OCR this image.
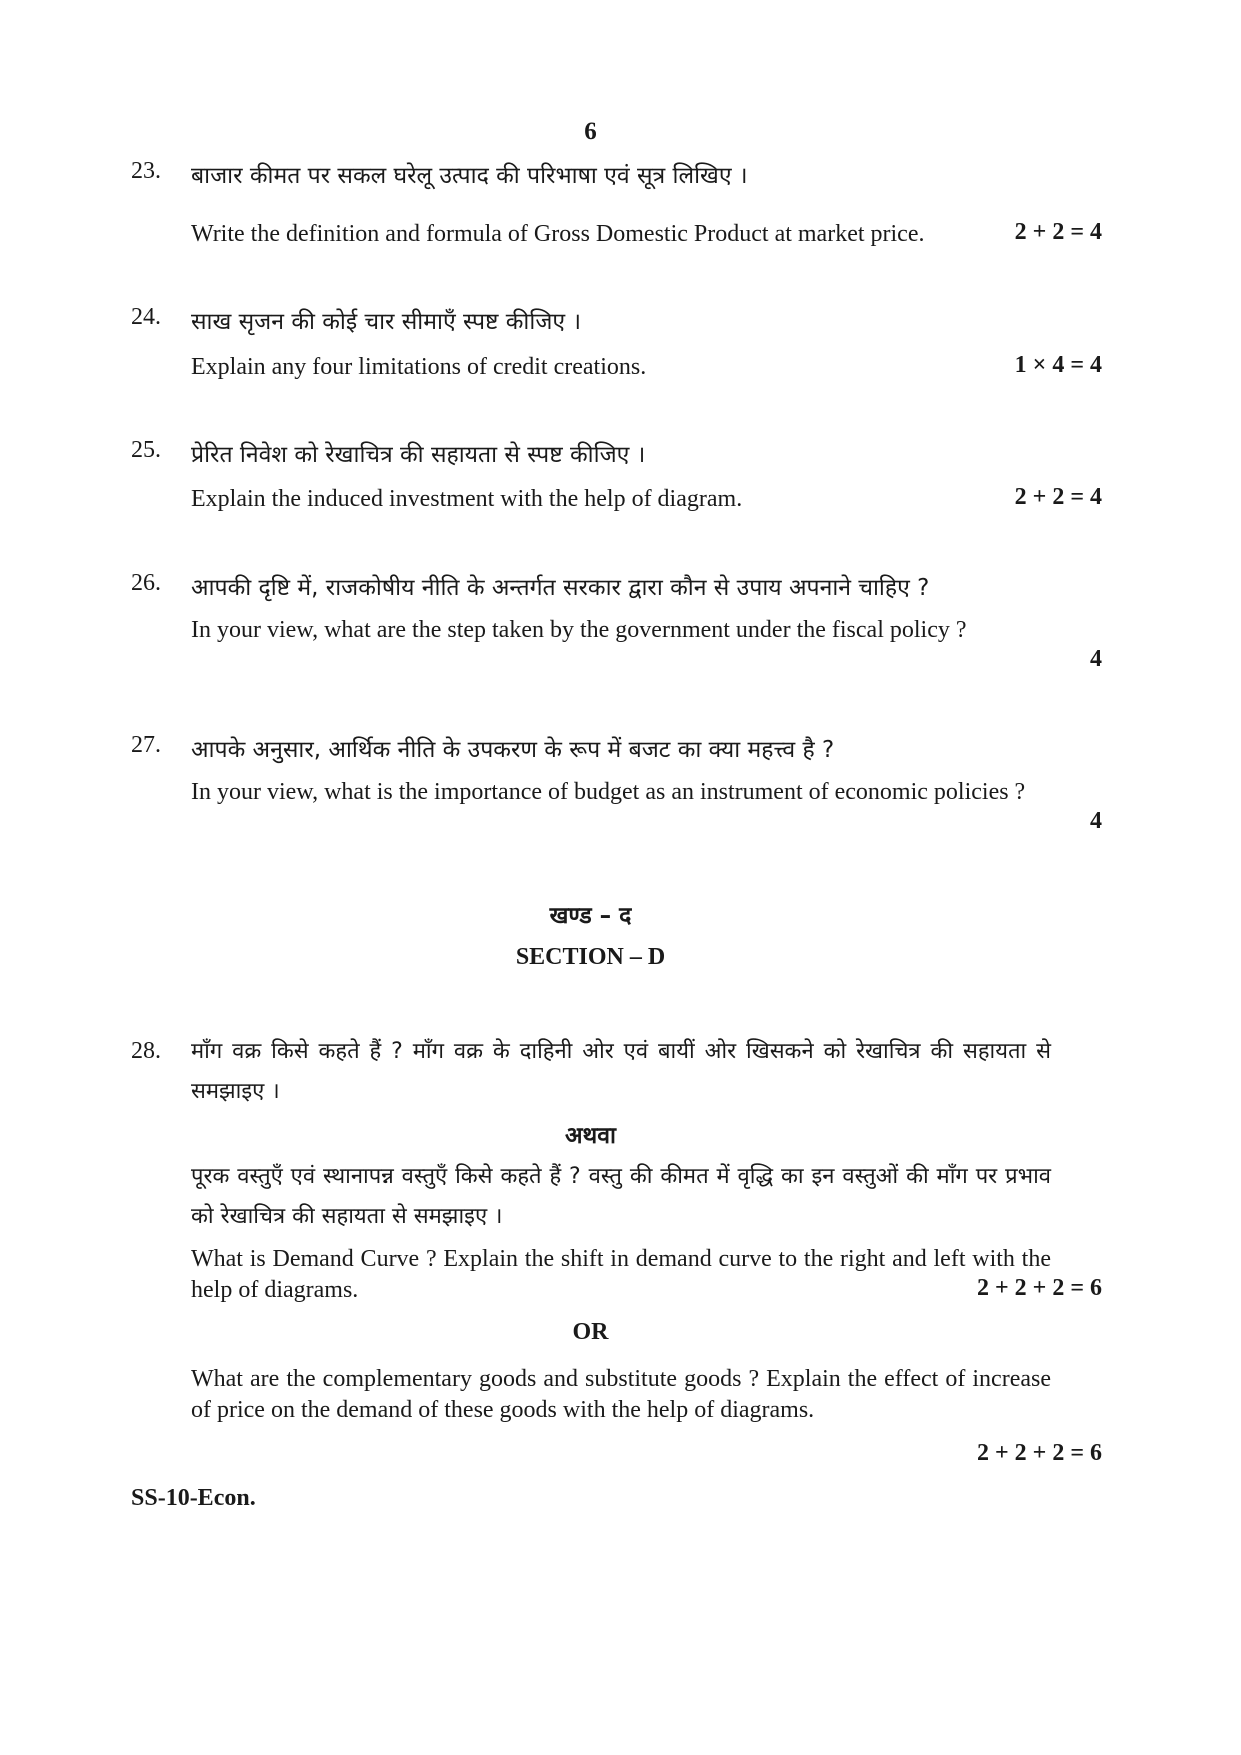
6
23. बाजार कीमत पर सकल घरेलू उत्पाद की परिभाषा एवं सूत्र लिखिए ।
Write the definition and formula of Gross Domestic Product at market price.	2 + 2 = 4
24. साख सृजन की कोई चार सीमाएँ स्पष्ट कीजिए ।
Explain any four limitations of credit creations.	1 × 4 = 4
25. प्रेरित निवेश को रेखाचित्र की सहायता से स्पष्ट कीजिए ।
Explain the induced investment with the help of diagram.	2 + 2 = 4
26. आपकी दृष्टि में, राजकोषीय नीति के अन्तर्गत सरकार द्वारा कौन से उपाय अपनाने चाहिए ?
In your view, what are the step taken by the government under the fiscal policy ?
4
27. आपके अनुसार, आर्थिक नीति के उपकरण के रूप में बजट का क्या महत्त्व है ?
In your view, what is the importance of budget as an instrument of economic policies ?
4
खण्ड – द
SECTION – D
28. माँग वक्र किसे कहते हैं ? माँग वक्र के दाहिनी ओर एवं बायीं ओर खिसकने को रेखाचित्र की सहायता से समझाइए ।
अथवा
पूरक वस्तुएँ एवं स्थानापन्न वस्तुएँ किसे कहते हैं ? वस्तु की कीमत में वृद्धि का इन वस्तुओं की माँग पर प्रभाव को रेखाचित्र की सहायता से समझाइए ।
What is Demand Curve ? Explain the shift in demand curve to the right and left with the help of diagrams.	2 + 2 + 2 = 6
OR
What are the complementary goods and substitute goods ? Explain the effect of increase of price on the demand of these goods with the help of diagrams.
2 + 2 + 2 = 6
SS-10-Econ.
